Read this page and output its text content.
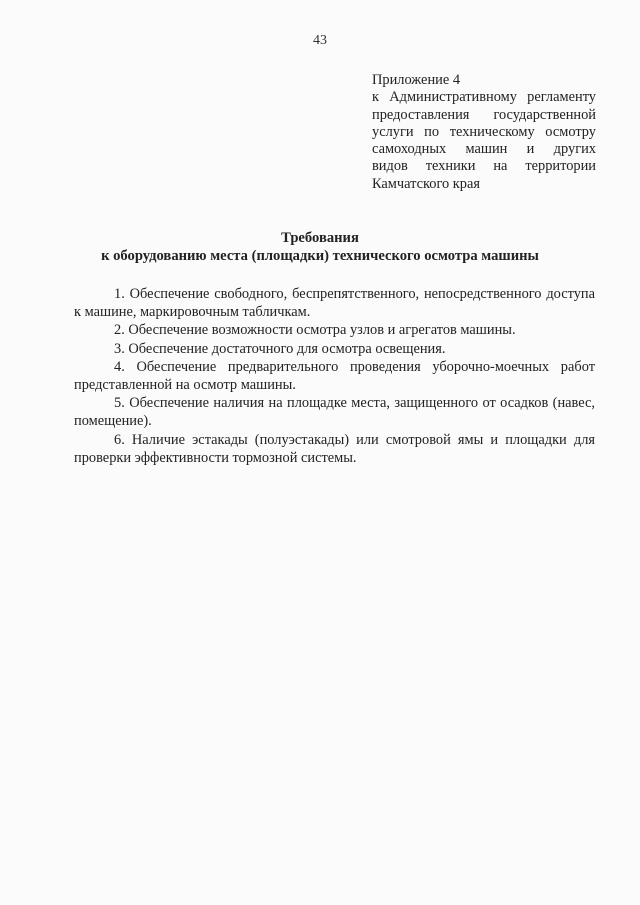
43
Приложение 4
к Административному регламенту
предоставления государственной
услуги по техническому осмотру
самоходных машин и других
видов техники на территории
Камчатского края
Требования
к оборудованию места (площадки) технического осмотра машины

1. Обеспечение свободного, беспрепятственного, непосредственного доступа к машине, маркировочным табличкам.

2. Обеспечение возможности осмотра узлов и агрегатов машины.

3. Обеспечение достаточного для осмотра освещения.

4. Обеспечение предварительного проведения уборочно-моечных работ представленной на осмотр машины.

5. Обеспечение наличия на площадке места, защищенного от осадков (навес, помещение).

6. Наличие эстакады (полуэстакады) или смотровой ямы и площадки для проверки эффективности тормозной системы.
